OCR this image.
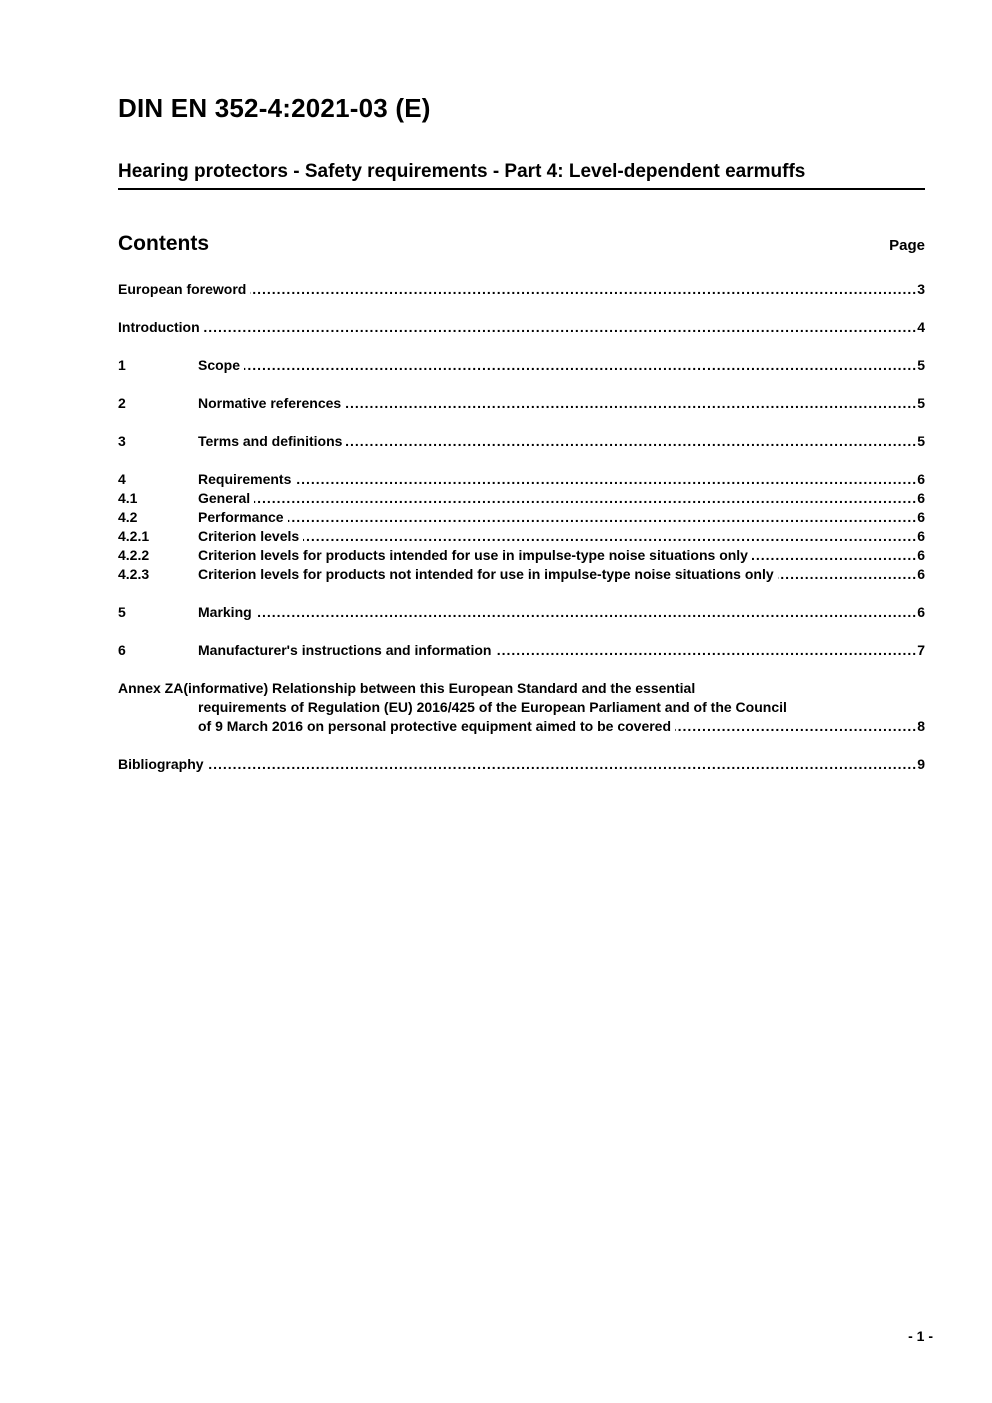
DIN EN 352-4:2021-03 (E)
Hearing protectors - Safety requirements - Part 4: Level-dependent earmuffs
Contents	Page
European foreword .....	3
Introduction .....	4
1	Scope .....	5
2	Normative references .....	5
3	Terms and definitions .....	5
4	Requirements .....	6
4.1	General .....	6
4.2	Performance .....	6
4.2.1	Criterion levels .....	6
4.2.2	Criterion levels for products intended for use in impulse-type noise situations only .....	6
4.2.3	Criterion levels for products not intended for use in impulse-type noise situations only .....	6
5	Marking .....	6
6	Manufacturer's instructions and information .....	7
Annex ZA(informative) Relationship between this European Standard and the essential
requirements of Regulation (EU) 2016/425 of the European Parliament and of the Council
of 9 March 2016 on personal protective equipment aimed to be covered .....	8
Bibliography .....	9
- 1 -
